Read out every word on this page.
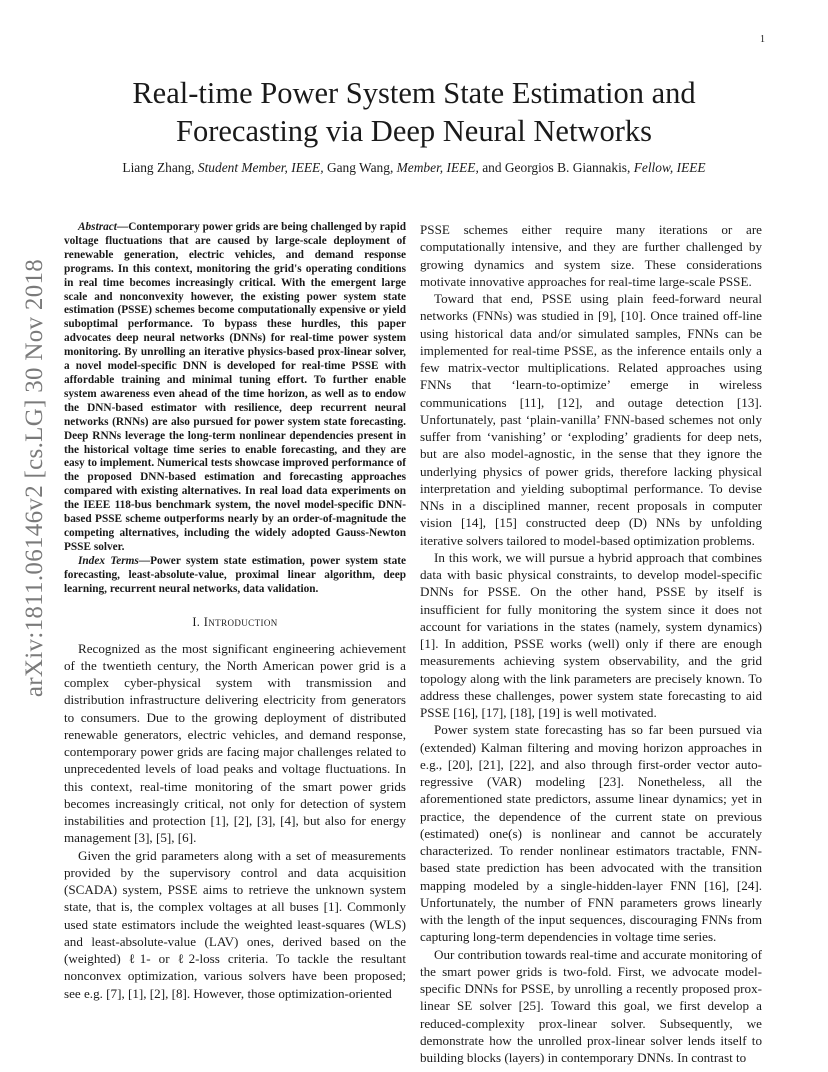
1
arXiv:1811.06146v2 [cs.LG] 30 Nov 2018
Real-time Power System State Estimation and
Forecasting via Deep Neural Networks
Liang Zhang, Student Member, IEEE, Gang Wang, Member, IEEE, and Georgios B. Giannakis, Fellow, IEEE

Abstract—Contemporary power grids are being challenged by rapid voltage fluctuations that are caused by large-scale deployment of renewable generation, electric vehicles, and demand response programs. In this context, monitoring the grid's operating conditions in real time becomes increasingly critical. With the emergent large scale and nonconvexity however, the existing power system state estimation (PSSE) schemes become computationally expensive or yield suboptimal performance. To bypass these hurdles, this paper advocates deep neural networks (DNNs) for real-time power system monitoring. By unrolling an iterative physics-based prox-linear solver, a novel model-specific DNN is developed for real-time PSSE with affordable training and minimal tuning effort. To further enable system awareness even ahead of the time horizon, as well as to endow the DNN-based estimator with resilience, deep recurrent neural networks (RNNs) are also pursued for power system state forecasting. Deep RNNs leverage the long-term nonlinear dependencies present in the historical voltage time series to enable forecasting, and they are easy to implement. Numerical tests showcase improved performance of the proposed DNN-based estimation and forecasting approaches compared with existing alternatives. In real load data experiments on the IEEE 118-bus benchmark system, the novel model-specific DNN-based PSSE scheme outperforms nearly by an order-of-magnitude the competing alternatives, including the widely adopted Gauss-Newton PSSE solver.

Index Terms—Power system state estimation, power system state forecasting, least-absolute-value, proximal linear algorithm, deep learning, recurrent neural networks, data validation.

I. Introduction

Recognized as the most significant engineering achievement of the twentieth century, the North American power grid is a complex cyber-physical system with transmission and distribution infrastructure delivering electricity from generators to consumers. Due to the growing deployment of distributed renewable generators, electric vehicles, and demand response, contemporary power grids are facing major challenges related to unprecedented levels of load peaks and voltage fluctuations. In this context, real-time monitoring of the smart power grids becomes increasingly critical, not only for detection of system instabilities and protection [1], [2], [3], [4], but also for energy management [3], [5], [6].

Given the grid parameters along with a set of measurements provided by the supervisory control and data acquisition (SCADA) system, PSSE aims to retrieve the unknown system state, that is, the complex voltages at all buses [1]. Commonly used state estimators include the weighted least-squares (WLS) and least-absolute-value (LAV) ones, derived based on the (weighted) ℓ1- or ℓ2-loss criteria. To tackle the resultant nonconvex optimization, various solvers have been proposed; see e.g. [7], [1], [2], [8]. However, those optimization-oriented

PSSE schemes either require many iterations or are computationally intensive, and they are further challenged by growing dynamics and system size. These considerations motivate innovative approaches for real-time large-scale PSSE.

Toward that end, PSSE using plain feed-forward neural networks (FNNs) was studied in [9], [10]. Once trained off-line using historical data and/or simulated samples, FNNs can be implemented for real-time PSSE, as the inference entails only a few matrix-vector multiplications. Related approaches using FNNs that ‘learn-to-optimize’ emerge in wireless communications [11], [12], and outage detection [13]. Unfortunately, past ‘plain-vanilla’ FNN-based schemes not only suffer from ‘vanishing’ or ‘exploding’ gradients for deep nets, but are also model-agnostic, in the sense that they ignore the underlying physics of power grids, therefore lacking physical interpretation and yielding suboptimal performance. To devise NNs in a disciplined manner, recent proposals in computer vision [14], [15] constructed deep (D) NNs by unfolding iterative solvers tailored to model-based optimization problems.

In this work, we will pursue a hybrid approach that combines data with basic physical constraints, to develop model-specific DNNs for PSSE. On the other hand, PSSE by itself is insufficient for fully monitoring the system since it does not account for variations in the states (namely, system dynamics) [1]. In addition, PSSE works (well) only if there are enough measurements achieving system observability, and the grid topology along with the link parameters are precisely known. To address these challenges, power system state forecasting to aid PSSE [16], [17], [18], [19] is well motivated.

Power system state forecasting has so far been pursued via (extended) Kalman filtering and moving horizon approaches in e.g., [20], [21], [22], and also through first-order vector auto-regressive (VAR) modeling [23]. Nonetheless, all the aforementioned state predictors, assume linear dynamics; yet in practice, the dependence of the current state on previous (estimated) one(s) is nonlinear and cannot be accurately characterized. To render nonlinear estimators tractable, FNN-based state prediction has been advocated with the transition mapping modeled by a single-hidden-layer FNN [16], [24]. Unfortunately, the number of FNN parameters grows linearly with the length of the input sequences, discouraging FNNs from capturing long-term dependencies in voltage time series.

Our contribution towards real-time and accurate monitoring of the smart power grids is two-fold. First, we advocate model-specific DNNs for PSSE, by unrolling a recently proposed prox-linear SE solver [25]. Toward this goal, we first develop a reduced-complexity prox-linear solver. Subsequently, we demonstrate how the unrolled prox-linear solver lends itself to building blocks (layers) in contemporary DNNs. In contrast to
